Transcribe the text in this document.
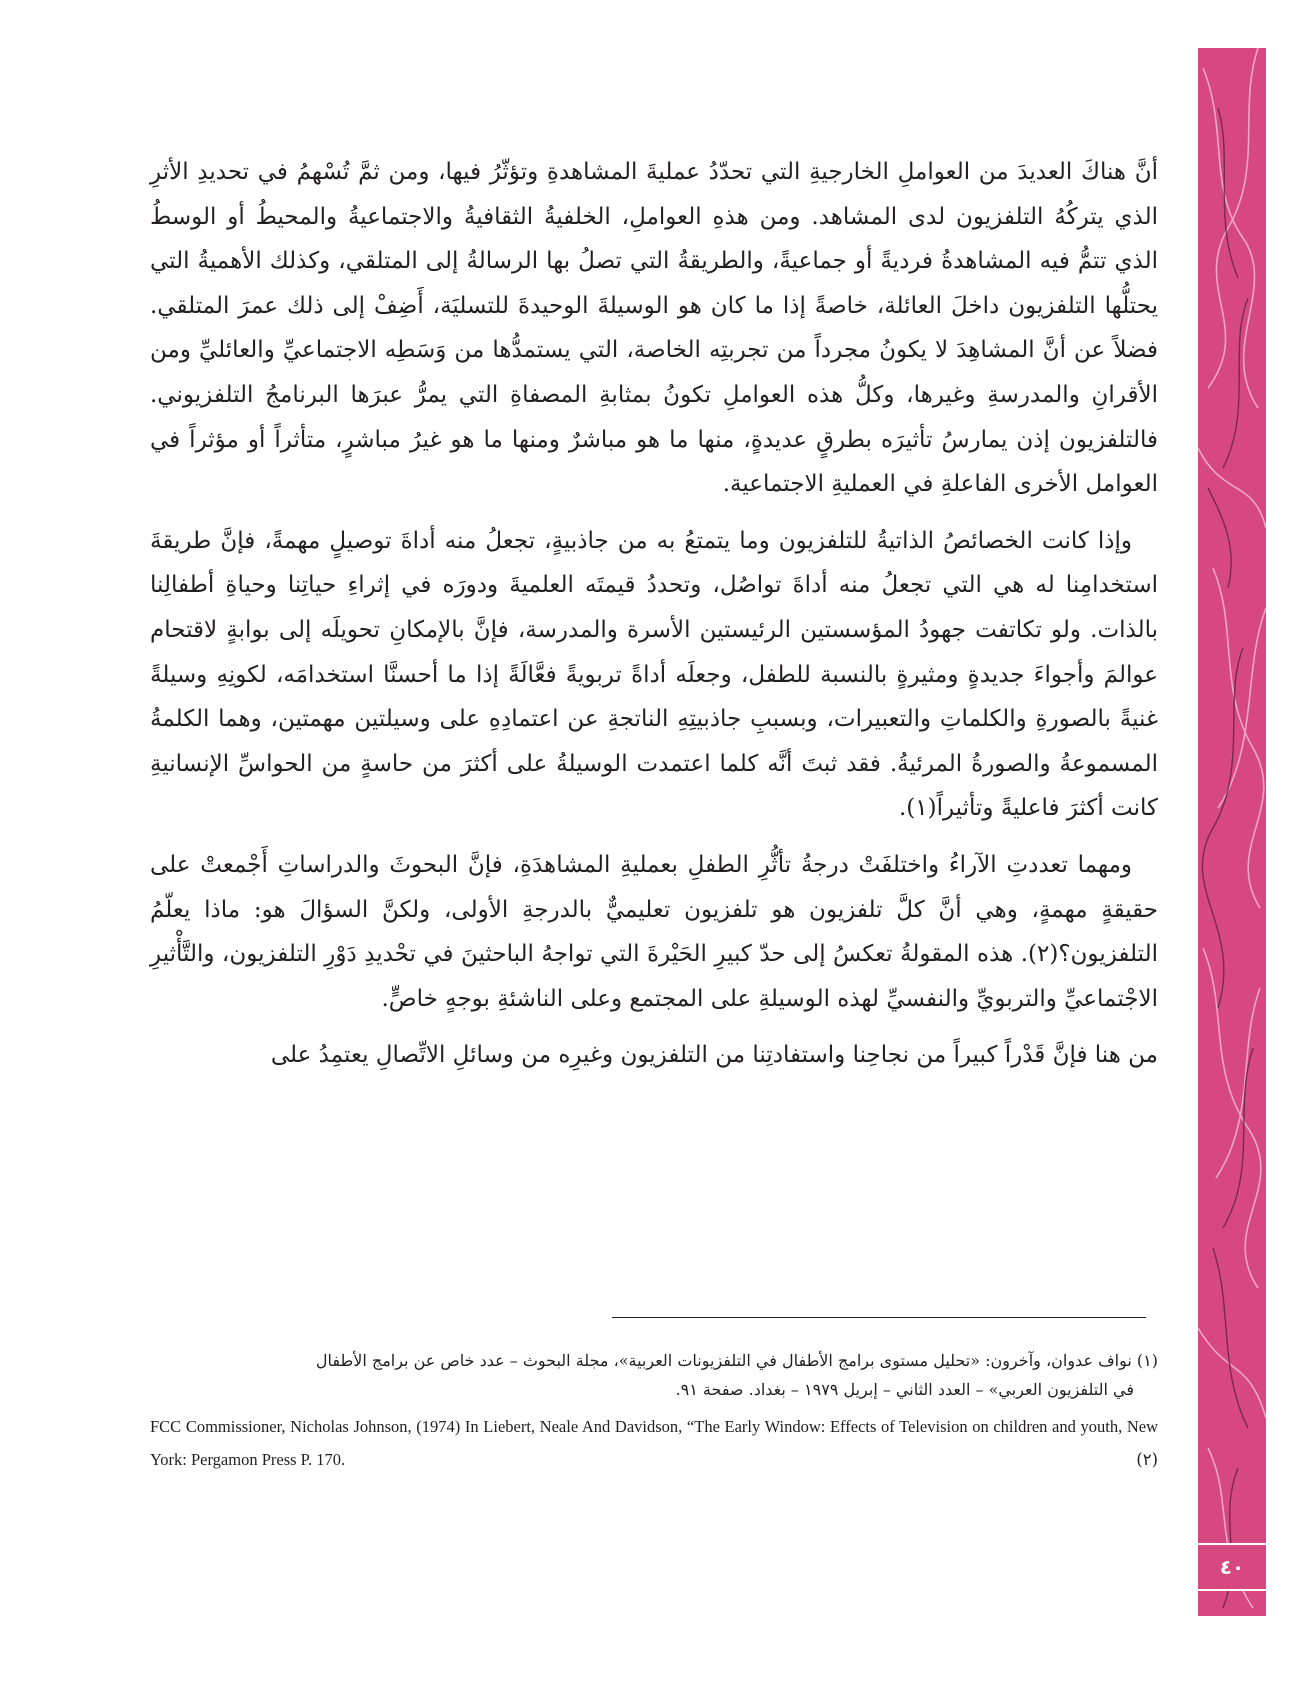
٤٠

أنَّ هناكَ العديدَ من العواملِ الخارجيةِ التي تحدّدُ عمليةَ المشاهدةِ وتؤثّرُ فيها، ومن ثمَّ تُسْهمُ في تحديدِ الأثرِ الذي يتركُهُ التلفزيون لدى المشاهد. ومن هذهِ العواملِ، الخلفيةُ الثقافيةُ والاجتماعيةُ والمحيطُ أو الوسطُ الذي تتمُّ فيه المشاهدةُ فرديةً أو جماعيةً، والطريقةُ التي تصلُ بها الرسالةُ إلى المتلقي، وكذلك الأهميةُ التي يحتلُّها التلفزيون داخلَ العائلة، خاصةً إذا ما كان هو الوسيلةَ الوحيدةَ للتسليَة، أَضِفْ إلى ذلك عمرَ المتلقي. فضلاً عن أنَّ المشاهِدَ لا يكونُ مجرداً من تجربتِه الخاصة، التي يستمدُّها من وَسَطِه الاجتماعيِّ والعائليِّ ومن الأقرانِ والمدرسةِ وغيرها، وكلُّ هذه العواملِ تكونُ بمثابةِ المصفاةِ التي يمرُّ عبرَها البرنامجُ التلفزيوني. فالتلفزيون إذن يمارسُ تأثيرَه بطرقٍ عديدةٍ، منها ما هو مباشرٌ ومنها ما هو غيرُ مباشرٍ، متأثراً أو مؤثراً في العوامل الأخرى الفاعلةِ في العمليةِ الاجتماعية.

وإذا كانت الخصائصُ الذاتيةُ للتلفزيون وما يتمتعُ به من جاذبيةٍ، تجعلُ منه أداةَ توصيلٍ مهمةً، فإنَّ طريقةَ استخدامِنا له هي التي تجعلُ منه أداةَ تواصُل، وتحددُ قيمتَه العلميةَ ودورَه في إثراءِ حياتِنا وحياةِ أطفالِنا بالذات. ولو تكاتفت جهودُ المؤسستين الرئيستين الأسرة والمدرسة، فإنَّ بالإمكانِ تحويلَه إلى بوابةٍ لاقتحام عوالمَ وأجواءَ جديدةٍ ومثيرةٍ بالنسبة للطفل، وجعلَه أداةً تربويةً فعَّالَةً إذا ما أحسنَّا استخدامَه، لكونِهِ وسيلةً غنيةً بالصورةِ والكلماتِ والتعبيرات، وبسببِ جاذبيتِهِ الناتجةِ عن اعتمادِهِ على وسيلتين مهمتين، وهما الكلمةُ المسموعةُ والصورةُ المرئيةُ. فقد ثبتَ أنَّه كلما اعتمدت الوسيلةُ على أكثرَ من حاسةٍ من الحواسِّ الإنسانيةِ كانت أكثرَ فاعليةً وتأثيراً(١).

ومهما تعددتِ الآراءُ واختلفَتْ درجةُ تأثُّرِ الطفلِ بعمليةِ المشاهدَةِ، فإنَّ البحوثَ والدراساتِ أَجْمعتْ على حقيقةٍ مهمةٍ، وهي أنَّ كلَّ تلفزيون هو تلفزيون تعليميٌّ بالدرجةِ الأولى، ولكنَّ السؤالَ هو: ماذا يعلّمُ التلفزيون؟(٢). هذه المقولةُ تعكسُ إلى حدّ كبيرِ الحَيْرةَ التي تواجهُ الباحثينَ في تحْديدِ دَوْرِ التلفزيون، والتَّأْثيرِ الاجْتماعيِّ والتربويِّ والنفسيِّ لهذه الوسيلةِ على المجتمع وعلى الناشئةِ بوجهٍ خاصٍّ.

من هنا فإنَّ قَدْراً كبيراً من نجاحِنا واستفادتِنا من التلفزيون وغيرِه من وسائلِ الاتِّصالِ يعتمِدُ على

(١) نواف عدوان، وآخرون: «تحليل مستوى برامج الأطفال في التلفزيونات العربية»، مجلة البحوث – عدد خاص عن برامج الأطفال
في التلفزيون العربي» – العدد الثاني – إبريل ١٩٧٩ – بغداد. صفحة ٩١.

FCC Commissioner, Nicholas Johnson, (1974) In Liebert, Neale And Davidson, “The Early Window: Effects of Television on children and youth, New York: Pergamon Press P. 170.	(٢)
